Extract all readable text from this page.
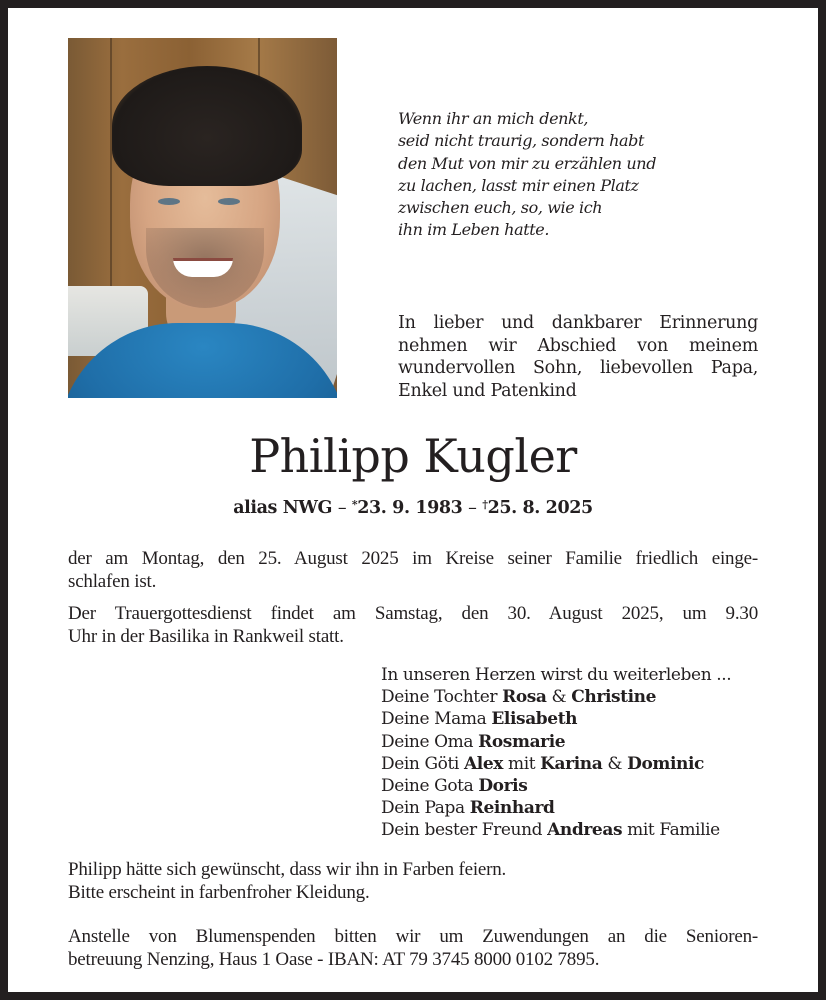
Wenn ihr an mich denkt,
seid nicht traurig, sondern habt
den Mut von mir zu erzählen und
zu lachen, lasst mir einen Platz
zwischen euch, so, wie ich
ihn im Leben hatte.
In lieber und dankbarer Erinnerung
nehmen wir Abschied von meinem
wundervollen Sohn, liebevollen Papa,
Enkel und Patenkind
Philipp Kugler
alias NWG – *23. 9. 1983 – †25. 8. 2025
der am Montag, den 25. August 2025 im Kreise seiner Familie friedlich einge-
schlafen ist.
Der Trauergottesdienst findet am Samstag, den 30. August 2025, um 9.30
Uhr in der Basilika in Rankweil statt.
In unseren Herzen wirst du weiterleben ...
Deine Tochter Rosa & Christine
Deine Mama Elisabeth
Deine Oma Rosmarie
Dein Göti Alex mit Karina & Dominic
Deine Gota Doris
Dein Papa Reinhard
Dein bester Freund Andreas mit Familie
Philipp hätte sich gewünscht, dass wir ihn in Farben feiern.
Bitte erscheint in farbenfroher Kleidung.
Anstelle von Blumenspenden bitten wir um Zuwendungen an die Senioren-
betreuung Nenzing, Haus 1 Oase - IBAN: AT 79 3745 8000 0102 7895.
